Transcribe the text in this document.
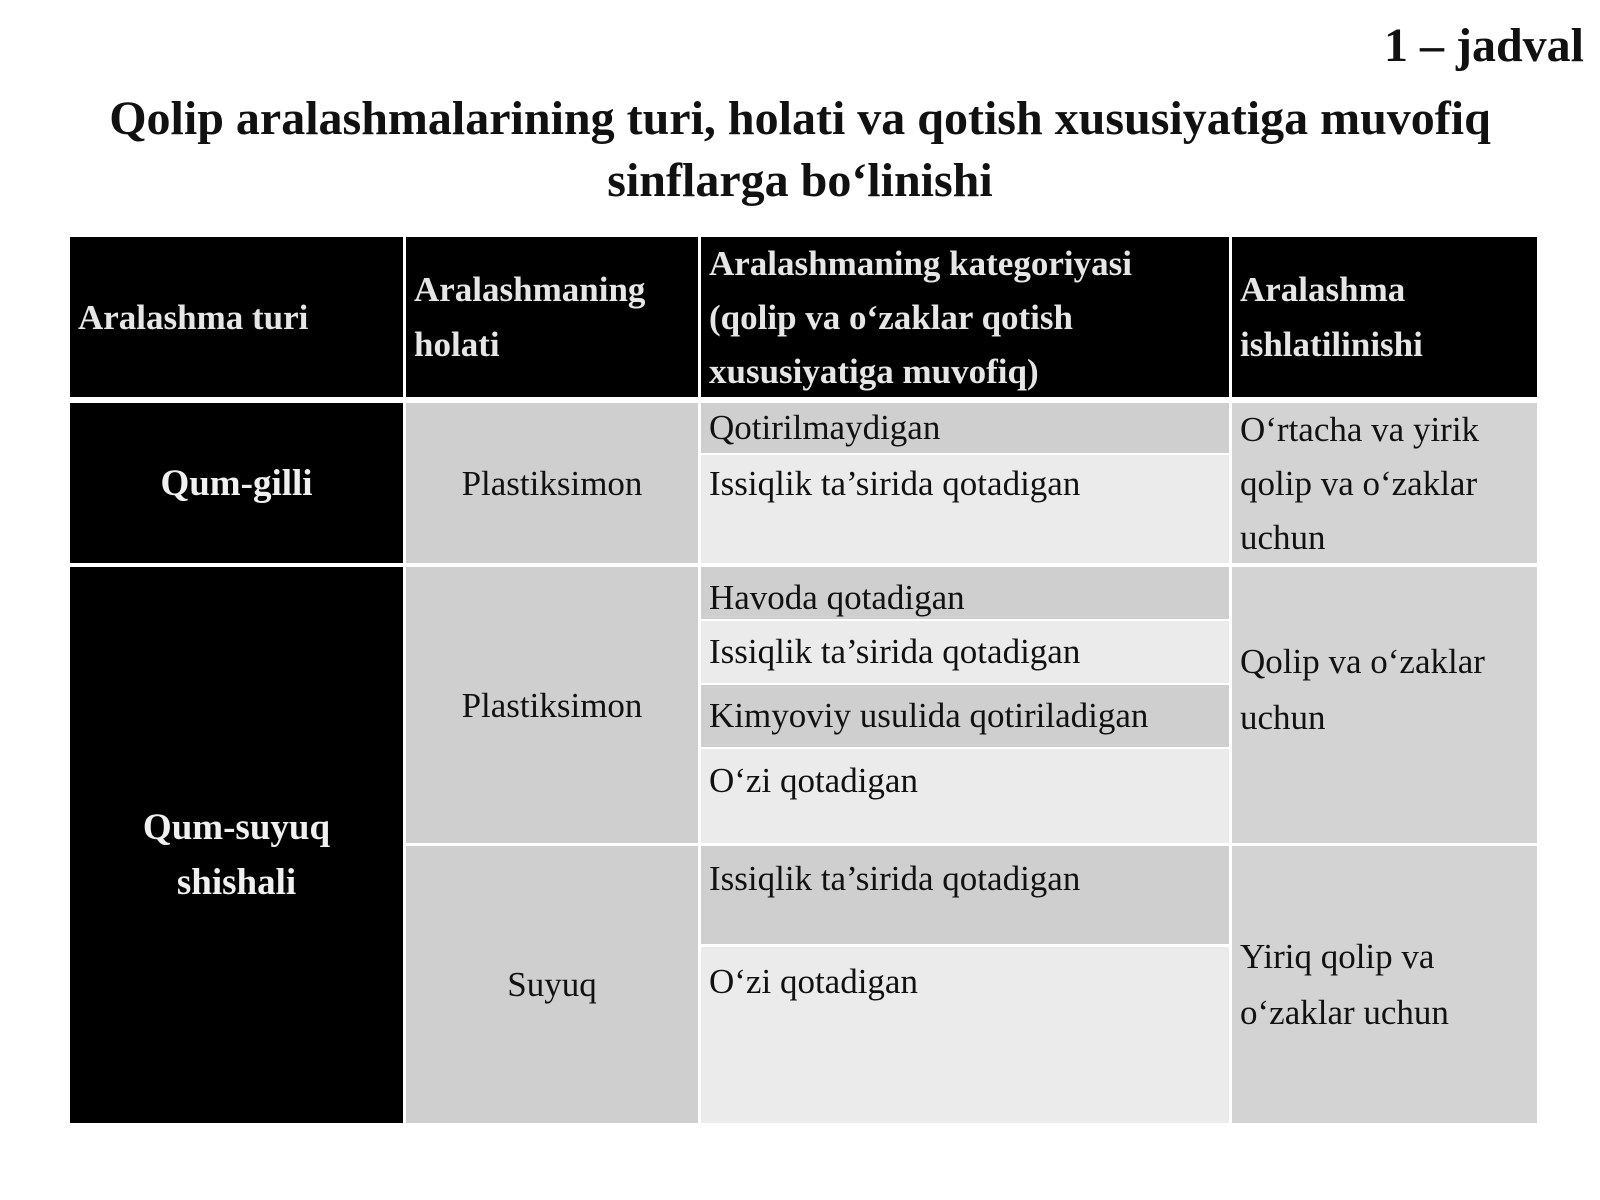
1 – jadval
Qolip aralashmalarining turi, holati va qotish xususiyatiga muvofiq
sinflarga bo‘linishi
Aralashma turi
Aralashmaning
holati
Aralashmaning kategoriyasi
(qolip va o‘zaklar qotish
xususiyatiga muvofiq)
Aralashma
ishlatilinishi
Qum-gilli	Plastiksimon
Qotirilmaydigan
Issiqlik ta’sirida qotadigan
O‘rtacha va yirik
qolip va o‘zaklar
uchun
Qum-suyuq
shishali
Plastiksimon
Havoda qotadigan
Issiqlik ta’sirida qotadigan
Kimyoviy usulida qotiriladigan
O‘zi qotadigan
Qolip va o‘zaklar
uchun
Suyuq
Issiqlik ta’sirida qotadigan
O‘zi qotadigan
Yiriq qolip va
o‘zaklar uchun
